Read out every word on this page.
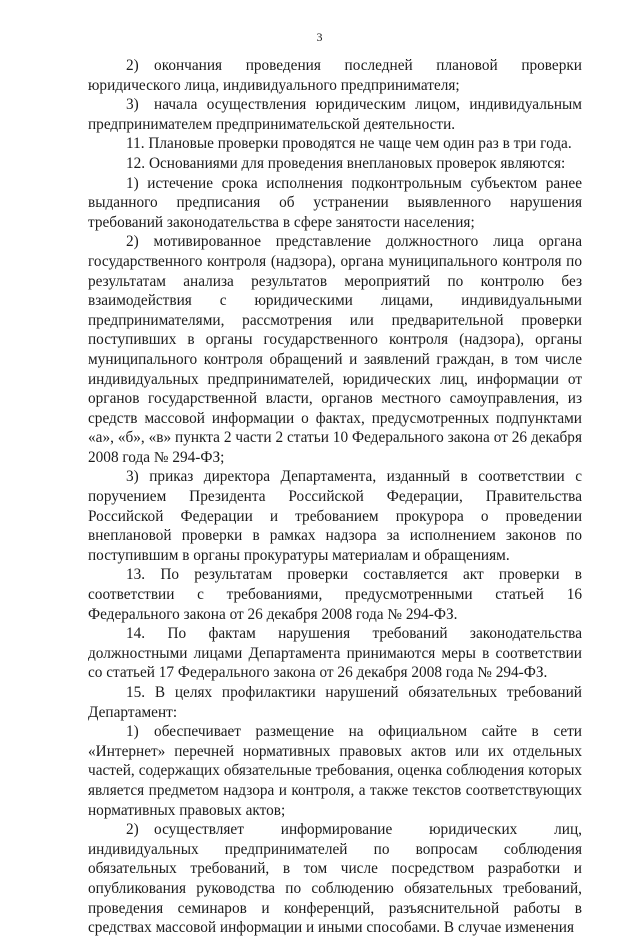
3

2) окончания проведения последней плановой проверки юридического лица, индивидуального предпринимателя;

3) начала осуществления юридическим лицом, индивидуальным предпринимателем предпринимательской деятельности.

11. Плановые проверки проводятся не чаще чем один раз в три года.

12. Основаниями для проведения внеплановых проверок являются:

1) истечение срока исполнения подконтрольным субъектом ранее выданного предписания об устранении выявленного нарушения требований законодательства в сфере занятости населения;

2) мотивированное представление должностного лица органа государственного контроля (надзора), органа муниципального контроля по результатам анализа результатов мероприятий по контролю без взаимодействия с юридическими лицами, индивидуальными предпринимателями, рассмотрения или предварительной проверки поступивших в органы государственного контроля (надзора), органы муниципального контроля обращений и заявлений граждан, в том числе индивидуальных предпринимателей, юридических лиц, информации от органов государственной власти, органов местного самоуправления, из средств массовой информации о фактах, предусмотренных подпунктами «а», «б», «в» пункта 2 части 2 статьи 10 Федерального закона от 26 декабря 2008 года № 294-ФЗ;

3) приказ директора Департамента, изданный в соответствии с поручением Президента Российской Федерации, Правительства Российской Федерации и требованием прокурора о проведении внеплановой проверки в рамках надзора за исполнением законов по поступившим в органы прокуратуры материалам и обращениям.

13. По результатам проверки составляется акт проверки в соответствии с требованиями, предусмотренными статьей 16 Федерального закона от 26 декабря 2008 года № 294-ФЗ.

14. По фактам нарушения требований законодательства должностными лицами Департамента принимаются меры в соответствии со статьей 17 Федерального закона от 26 декабря 2008 года № 294-ФЗ.

15. В целях профилактики нарушений обязательных требований Департамент:

1) обеспечивает размещение на официальном сайте в сети «Интернет» перечней нормативных правовых актов или их отдельных частей, содержащих обязательные требования, оценка соблюдения которых является предметом надзора и контроля, а также текстов соответствующих нормативных правовых актов;

2) осуществляет информирование юридических лиц, индивидуальных предпринимателей по вопросам соблюдения обязательных требований, в том числе посредством разработки и опубликования руководства по соблюдению обязательных требований, проведения семинаров и конференций, разъяснительной работы в средствах массовой информации и иными способами. В случае изменения
